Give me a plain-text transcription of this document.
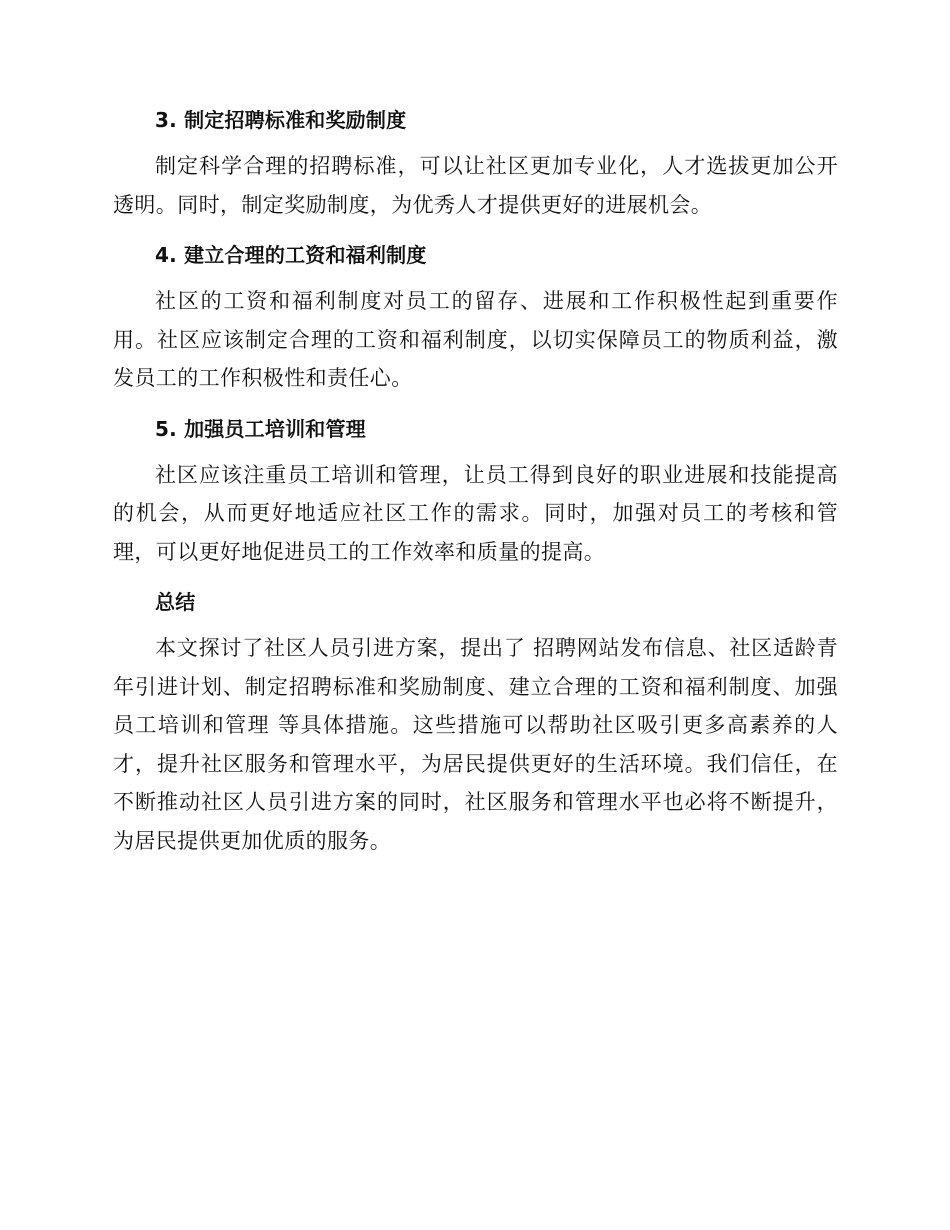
3. 制定招聘标准和奖励制度

制定科学合理的招聘标准，可以让社区更加专业化，人才选拔更加公开透明。同时，制定奖励制度，为优秀人才提供更好的进展机会。

4. 建立合理的工资和福利制度

社区的工资和福利制度对员工的留存、进展和工作积极性起到重要作用。社区应该制定合理的工资和福利制度，以切实保障员工的物质利益，激发员工的工作积极性和责任心。

5. 加强员工培训和管理

社区应该注重员工培训和管理，让员工得到良好的职业进展和技能提高的机会，从而更好地适应社区工作的需求。同时，加强对员工的考核和管理，可以更好地促进员工的工作效率和质量的提高。

总结

本文探讨了社区人员引进方案，提出了 招聘网站发布信息、社区适龄青年引进计划、制定招聘标准和奖励制度、建立合理的工资和福利制度、加强员工培训和管理 等具体措施。这些措施可以帮助社区吸引更多高素养的人才，提升社区服务和管理水平，为居民提供更好的生活环境。我们信任，在不断推动社区人员引进方案的同时，社区服务和管理水平也必将不断提升，为居民提供更加优质的服务。
